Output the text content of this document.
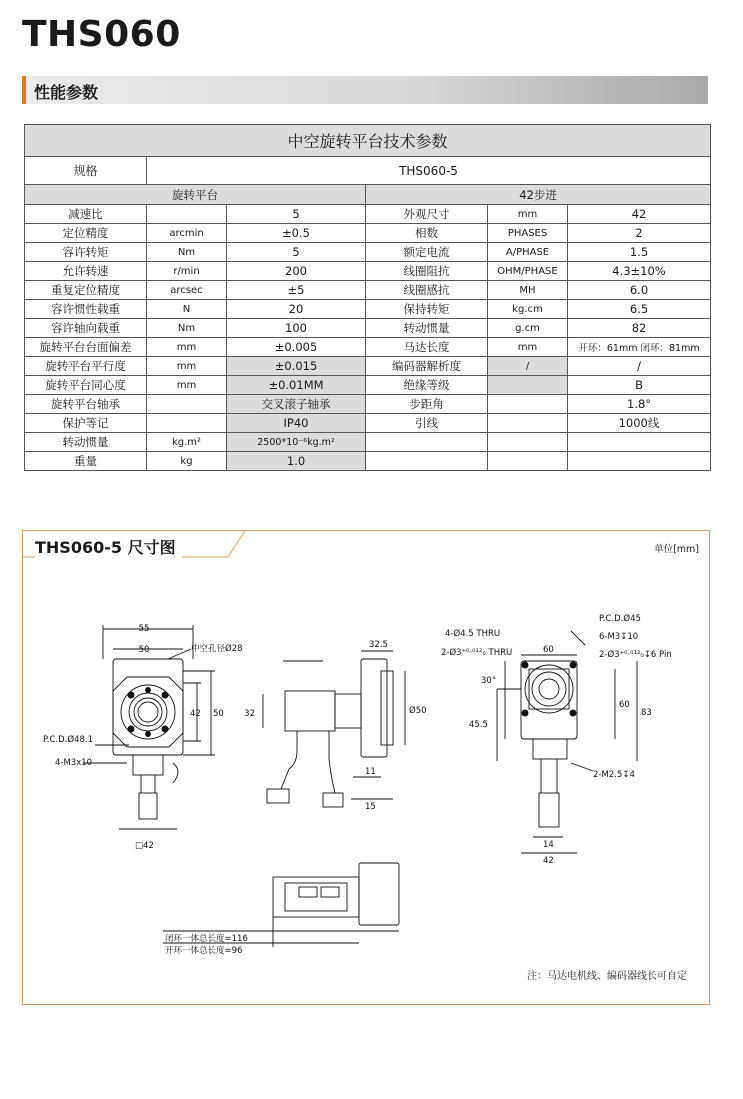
THS060
性能参数
中空旋转平台技术参数					
规格	THS060-5				
旋转平台			42步进		
减速比		5	外观尺寸	mm	42
定位精度	arcmin	±0.5	相数	PHASES	2
容许转矩	Nm	5	额定电流	A/PHASE	1.5
允许转速	r/min	200	线圈阻抗	OHM/PHASE	4.3±10%
重复定位精度	arcsec	±5	线圈感抗	MH	6.0
容许惯性载重	N	20	保持转矩	kg.cm	6.5
容许轴向载重	Nm	100	转动惯量	g.cm	82
旋转平台台面偏差	mm	±0.005	马达长度	mm	开环：61mm 闭环：81mm
旋转平台平行度	mm	±0.015	编码器解析度	/	/
旋转平台同心度	mm	±0.01MM	绝缘等级		B
旋转平台轴承		交叉滚子轴承	步距角		1.8°
保护等记		IP40	引线		1000线
转动惯量	kg.m²	2500*10⁻⁶kg.m²			
重量	kg	1.0			
55
50	中空孔径Ø28
42 50
P.C.D.Ø48.1
4-M3x10
□42
32.5
Ø50
32
11
15
闭环一体总长度=116
开环一体总长度=96
P.C.D.Ø45
4-Ø4.5 THRU	6-M3↧10
2-Ø3⁺⁰·⁰¹²₀ THRU	2-Ø3⁺⁰·⁰¹²₀↧6 Pin
60
30°
60
83
45.5
2-M2.5↧4
14
42
THS060-5 尺寸图	单位[mm]
注：马达电机线、编码器线长可自定
